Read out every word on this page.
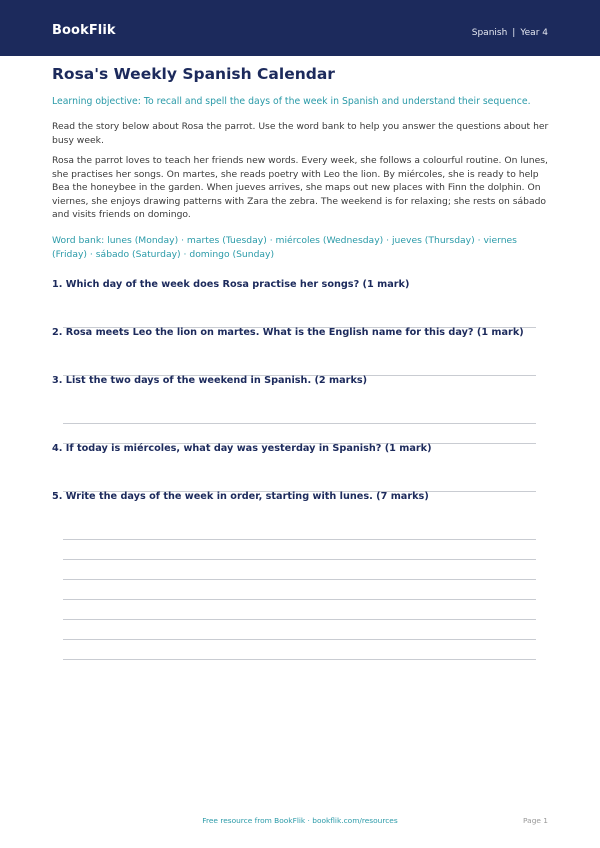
BookFlik	Spanish | Year 4
Rosa's Weekly Spanish Calendar
Learning objective: To recall and spell the days of the week in Spanish and understand their sequence.

Read the story below about Rosa the parrot. Use the word bank to help you answer the questions about her busy week.

Rosa the parrot loves to teach her friends new words. Every week, she follows a colourful routine. On lunes, she practises her songs. On martes, she reads poetry with Leo the lion. By miércoles, she is ready to help Bea the honeybee in the garden. When jueves arrives, she maps out new places with Finn the dolphin. On viernes, she enjoys drawing patterns with Zara the zebra. The weekend is for relaxing; she rests on sábado and visits friends on domingo.

Word bank: lunes (Monday) · martes (Tuesday) · miércoles (Wednesday) · jueves (Thursday) · viernes (Friday) · sábado (Saturday) · domingo (Sunday)

1. Which day of the week does Rosa practise her songs? (1 mark)

2. Rosa meets Leo the lion on martes. What is the English name for this day? (1 mark)

3. List the two days of the weekend in Spanish. (2 marks)

4. If today is miércoles, what day was yesterday in Spanish? (1 mark)

5. Write the days of the week in order, starting with lunes. (7 marks)

Free resource from BookFlik · bookflik.com/resources	Page 1
